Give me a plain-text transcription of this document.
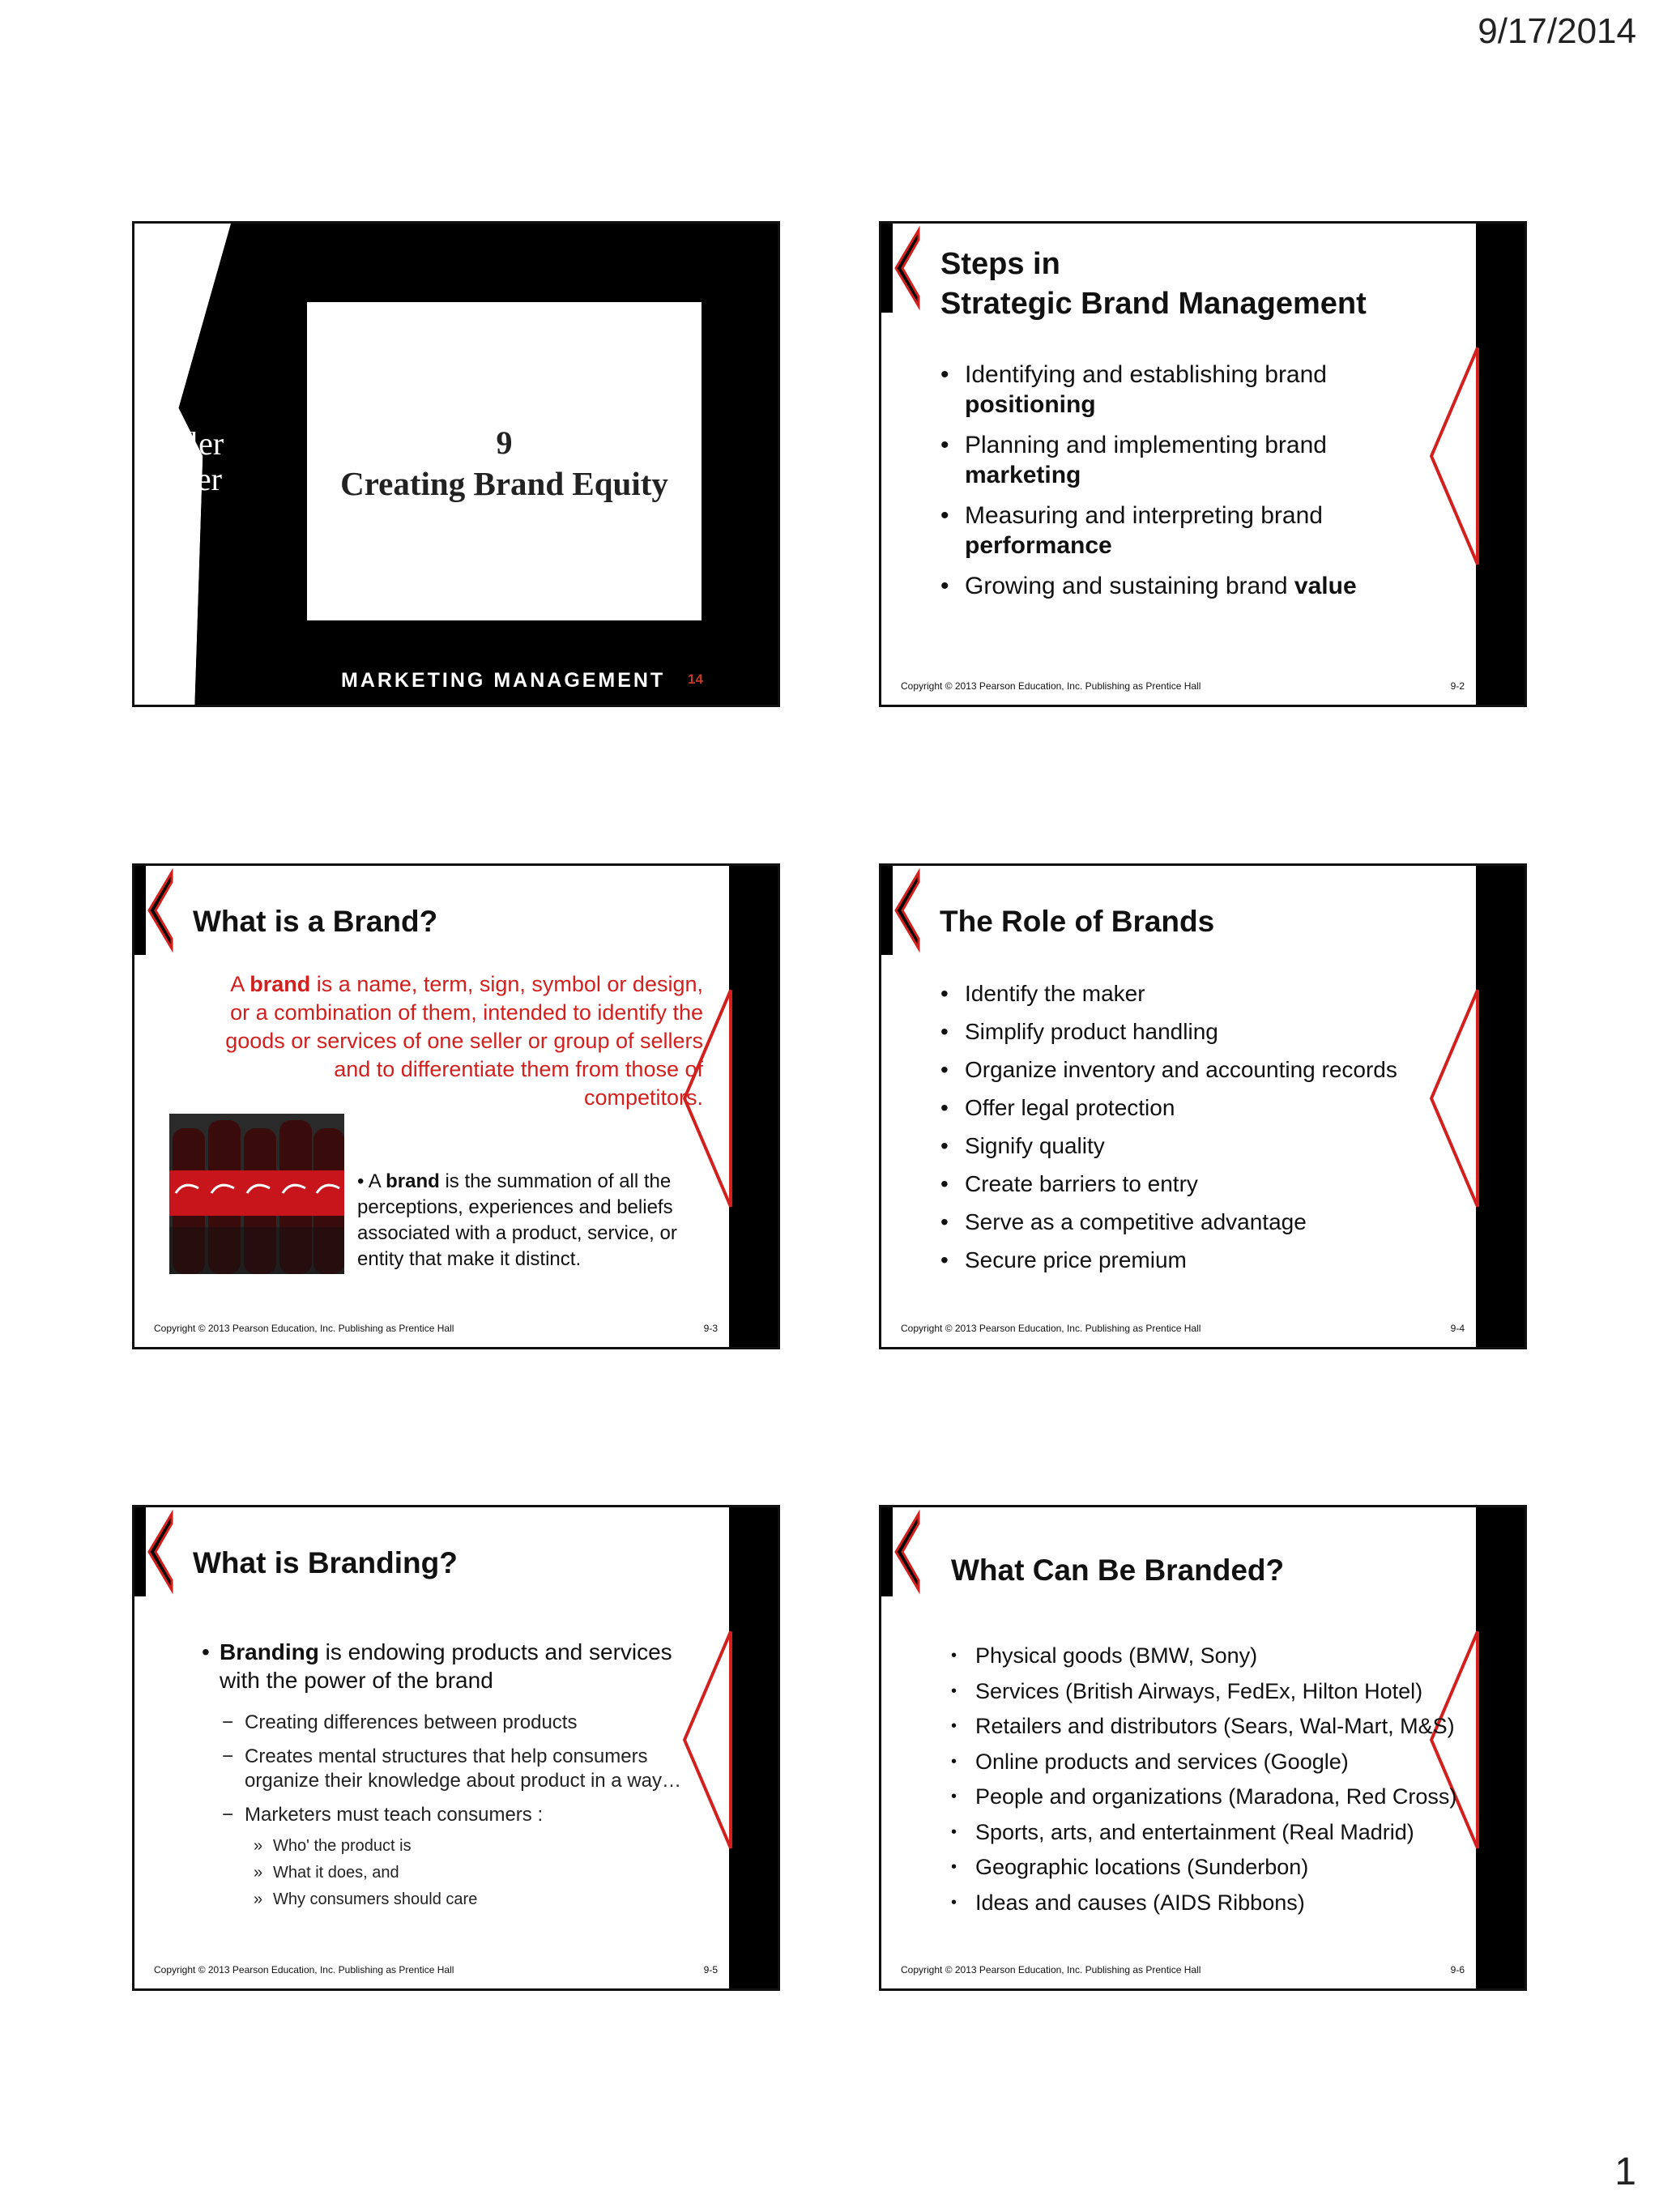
9/17/2014
Kotler
Keller
9
Creating Brand Equity
MARKETING MANAGEMENT 14
Steps in
Strategic Brand Management
• Identifying and establishing brand positioning
• Planning and implementing brand marketing
• Measuring and interpreting brand performance
• Growing and sustaining brand value
Copyright © 2013 Pearson Education, Inc. Publishing as Prentice Hall	9-2
What is a Brand?
A brand is a name, term, sign, symbol or design, or a combination of them, intended to identify the goods or services of one seller or group of sellers and to differentiate them from those of competitors.
• A brand is the summation of all the perceptions, experiences and beliefs associated with a product, service, or entity that make it distinct.
Copyright © 2013 Pearson Education, Inc. Publishing as Prentice Hall	9-3
The Role of Brands
• Identify the maker
• Simplify product handling
• Organize inventory and accounting records
• Offer legal protection
• Signify quality
• Create barriers to entry
• Serve as a competitive advantage
• Secure price premium
Copyright © 2013 Pearson Education, Inc. Publishing as Prentice Hall	9-4
What is Branding?
• Branding is endowing products and services with the power of the brand
− Creating differences between products
− Creates mental structures that help consumers organize their knowledge about product in a way…
− Marketers must teach consumers :
» Who' the product is
» What it does, and
» Why consumers should care
Copyright © 2013 Pearson Education, Inc. Publishing as Prentice Hall	9-5
What Can Be Branded?
• Physical goods (BMW, Sony)
• Services (British Airways, FedEx, Hilton Hotel)
• Retailers and distributors (Sears, Wal-Mart, M&S)
• Online products and services (Google)
• People and organizations (Maradona, Red Cross)
• Sports, arts, and entertainment (Real Madrid)
• Geographic locations (Sunderbon)
• Ideas and causes (AIDS Ribbons)
Copyright © 2013 Pearson Education, Inc. Publishing as Prentice Hall	9-6
1
